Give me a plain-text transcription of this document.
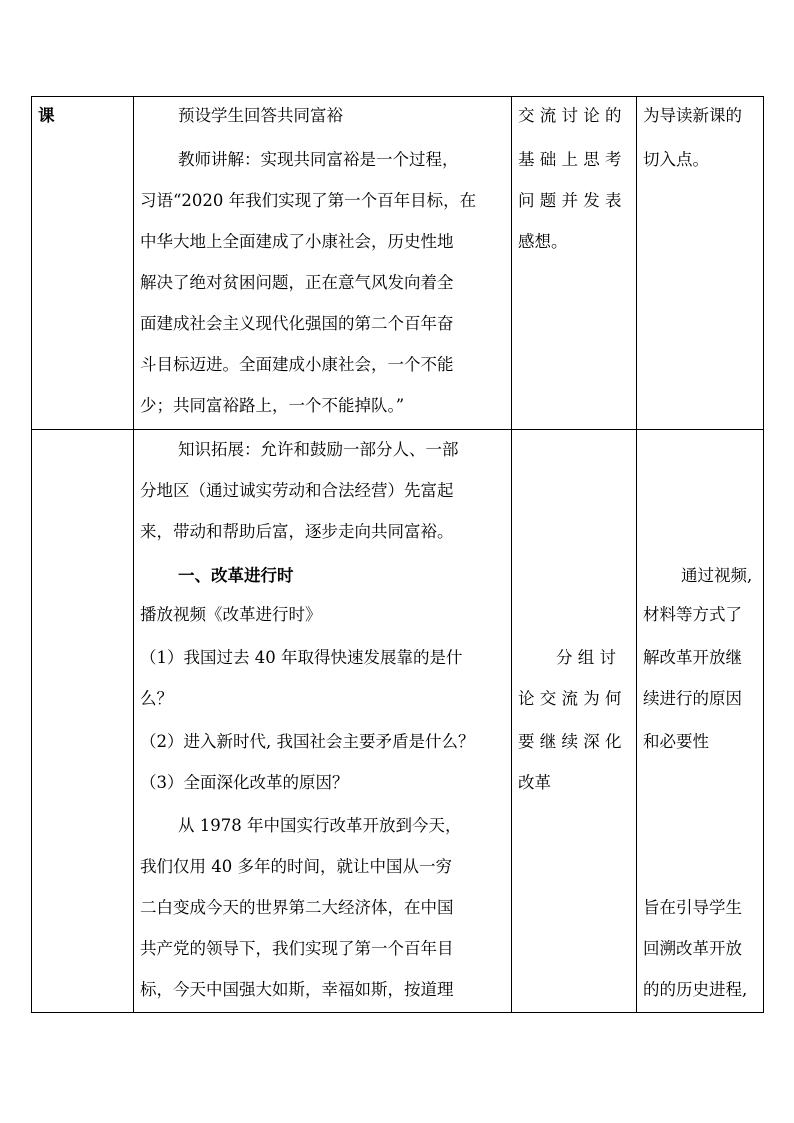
课	预设学生回答共同富裕
教师讲解：实现共同富裕是一个过程，
习语“2020 年我们实现了第一个百年目标，在
中华大地上全面建成了小康社会，历史性地
解决了绝对贫困问题，正在意气风发向着全
面建成社会主义现代化强国的第二个百年奋
斗目标迈进。全面建成小康社会，一个不能
少；共同富裕路上，一个不能掉队。”
交 流 讨 论 的
基 础 上 思 考
问 题 并 发 表
感想。
为导读新课的
切入点。
知识拓展：允许和鼓励一部分人、一部
分地区（通过诚实劳动和合法经营）先富起
来，带动和帮助后富，逐步走向共同富裕。
一、改革进行时
播放视频《改革进行时》
（1）我国过去 40 年取得快速发展靠的是什
么？
（2）进入新时代, 我国社会主要矛盾是什么？
（3）全面深化改革的原因？
从 1978 年中国实行改革开放到今天，
我们仅用 40 多年的时间，就让中国从一穷
二白变成今天的世界第二大经济体，在中国
共产党的领导下，我们实现了第一个百年目
标，今天中国强大如斯，幸福如斯，按道理
分 组 讨
论 交 流 为 何
要 继 续 深 化
改革
通过视频,
材料等方式了
解改革开放继
续进行的原因
和必要性
旨在引导学生
回溯改革开放
的的历史进程,
